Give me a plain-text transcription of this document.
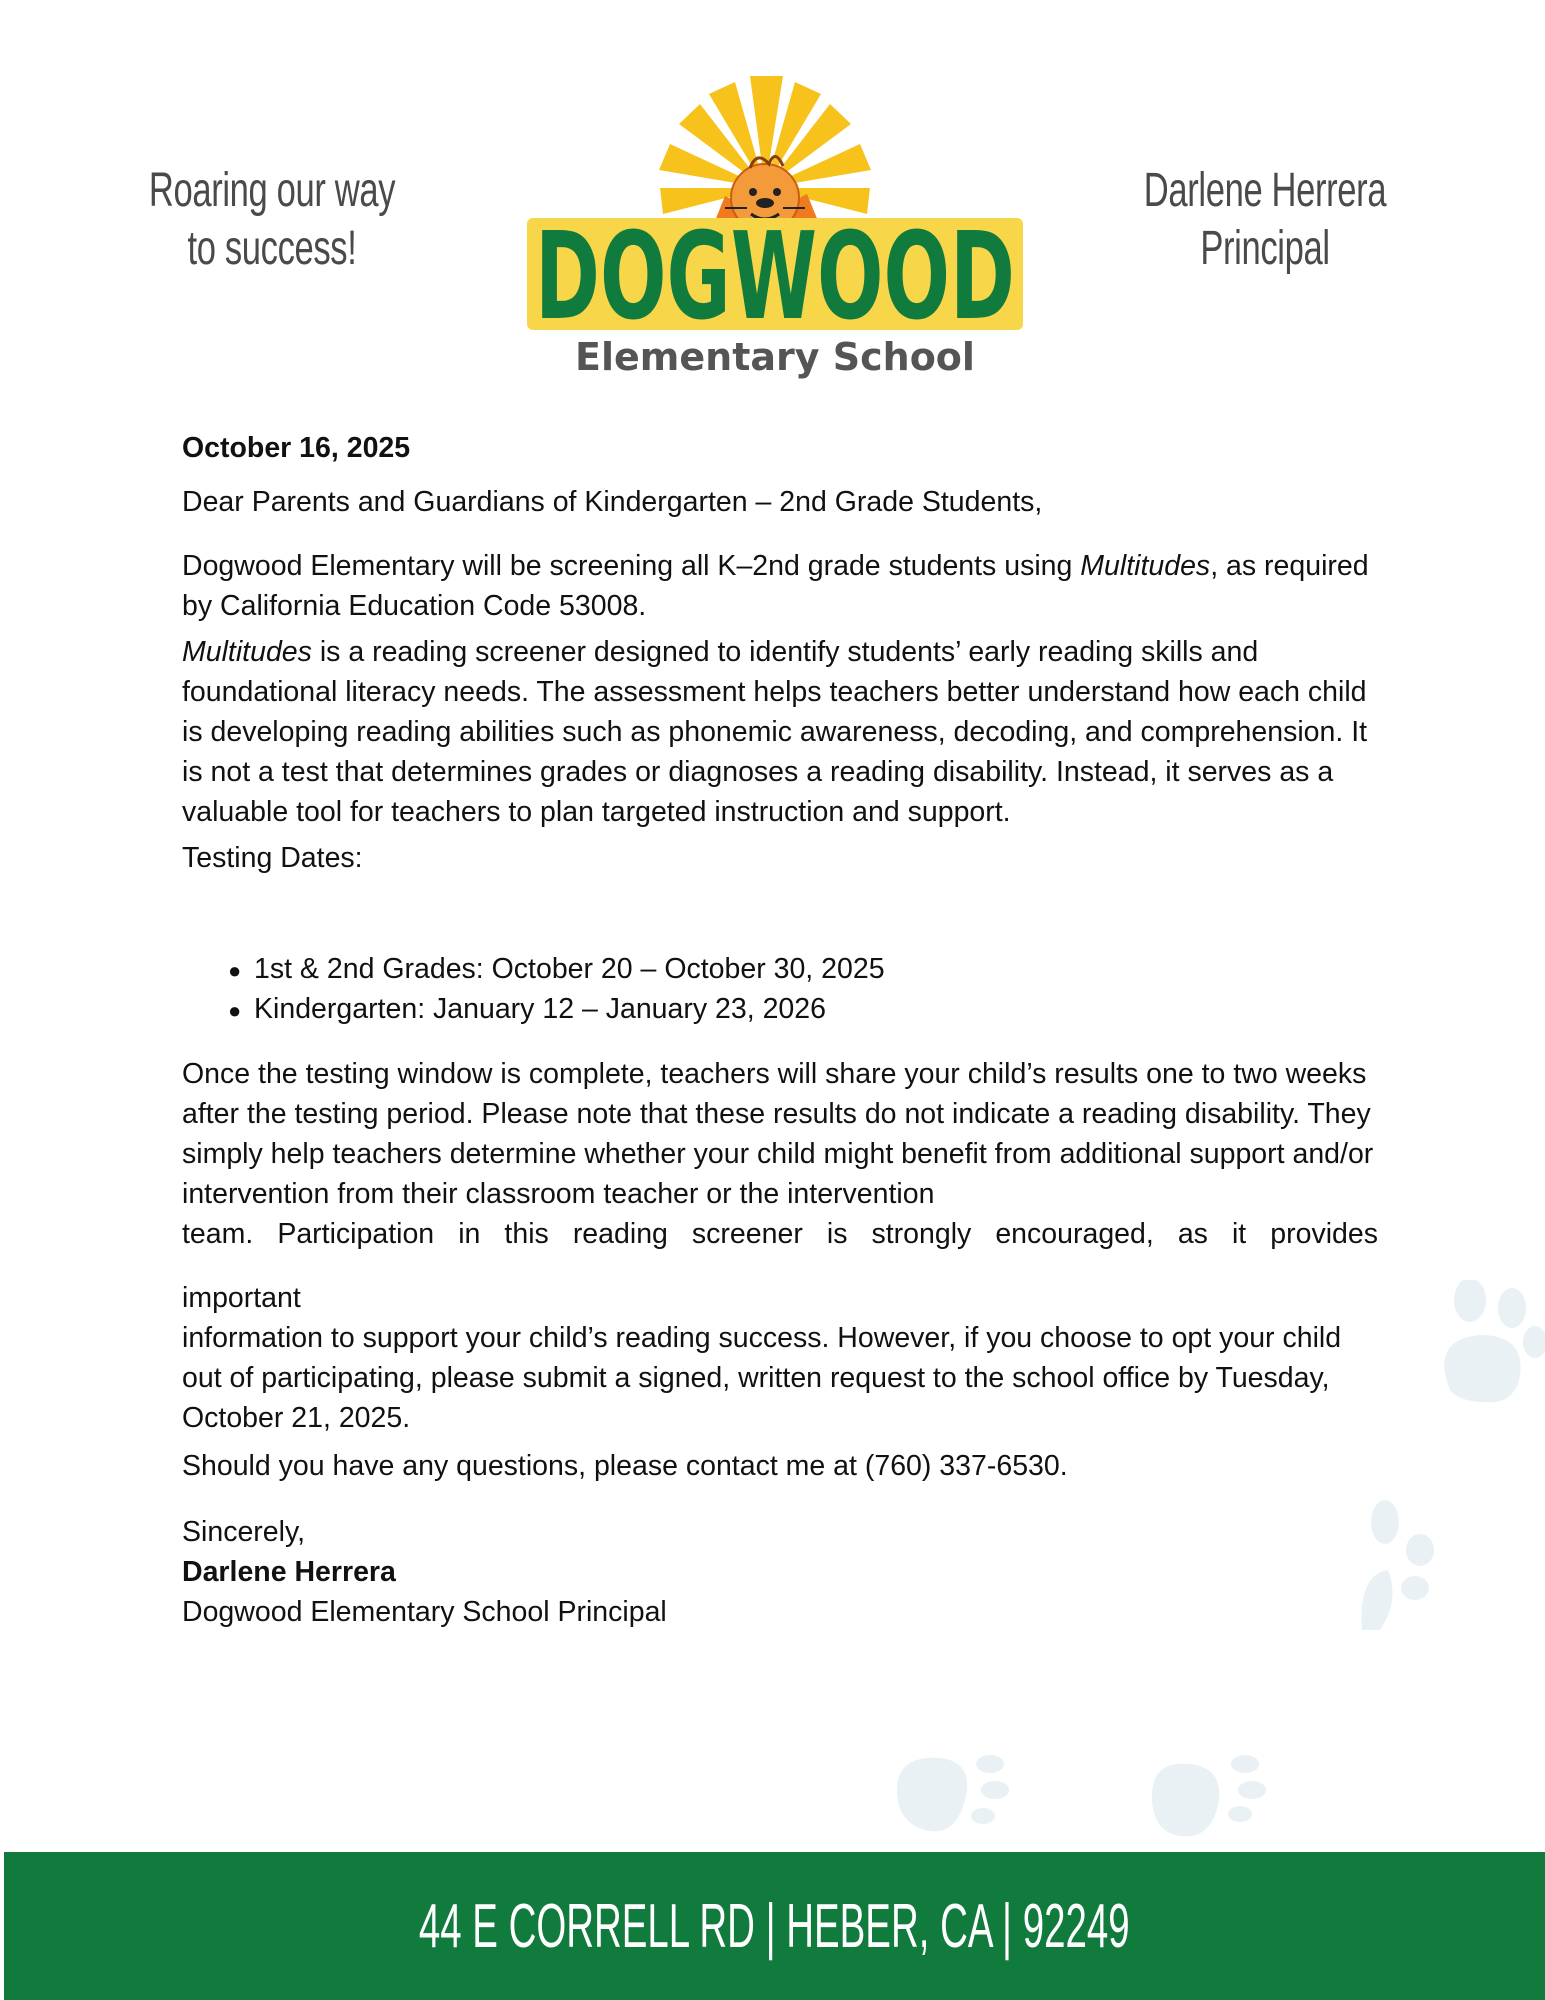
Roaring our way
to success!	DOGWOOD
Elementary School
Darlene Herrera
Principal

October 16, 2025

Dear Parents and Guardians of Kindergarten – 2nd Grade Students,

Dogwood Elementary will be screening all K–2nd grade students using Multitudes, as required by California Education Code 53008.

Multitudes is a reading screener designed to identify students’ early reading skills and foundational literacy needs. The assessment helps teachers better understand how each child is developing reading abilities such as phonemic awareness, decoding, and comprehension. It is not a test that determines grades or diagnoses a reading disability. Instead, it serves as a valuable tool for teachers to plan targeted instruction and support.

Testing Dates:

● 1st & 2nd Grades: October 20 – October 30, 2025
● Kindergarten: January 12 – January 23, 2026

Once the testing window is complete, teachers will share your child’s results one to two weeks after the testing period. Please note that these results do not indicate a reading disability. They simply help teachers determine whether your child might benefit from additional support and/or intervention from their classroom teacher or the intervention
team. Participation in this reading screener is strongly encouraged, as it provides
important
information to support your child’s reading success. However, if you choose to opt your child out of participating, please submit a signed, written request to the school office by Tuesday, October 21, 2025.

Should you have any questions, please contact me at (760) 337-6530.

Sincerely,

Darlene Herrera

Dogwood Elementary School Principal

44 E CORRELL RD | HEBER, CA | 92249
